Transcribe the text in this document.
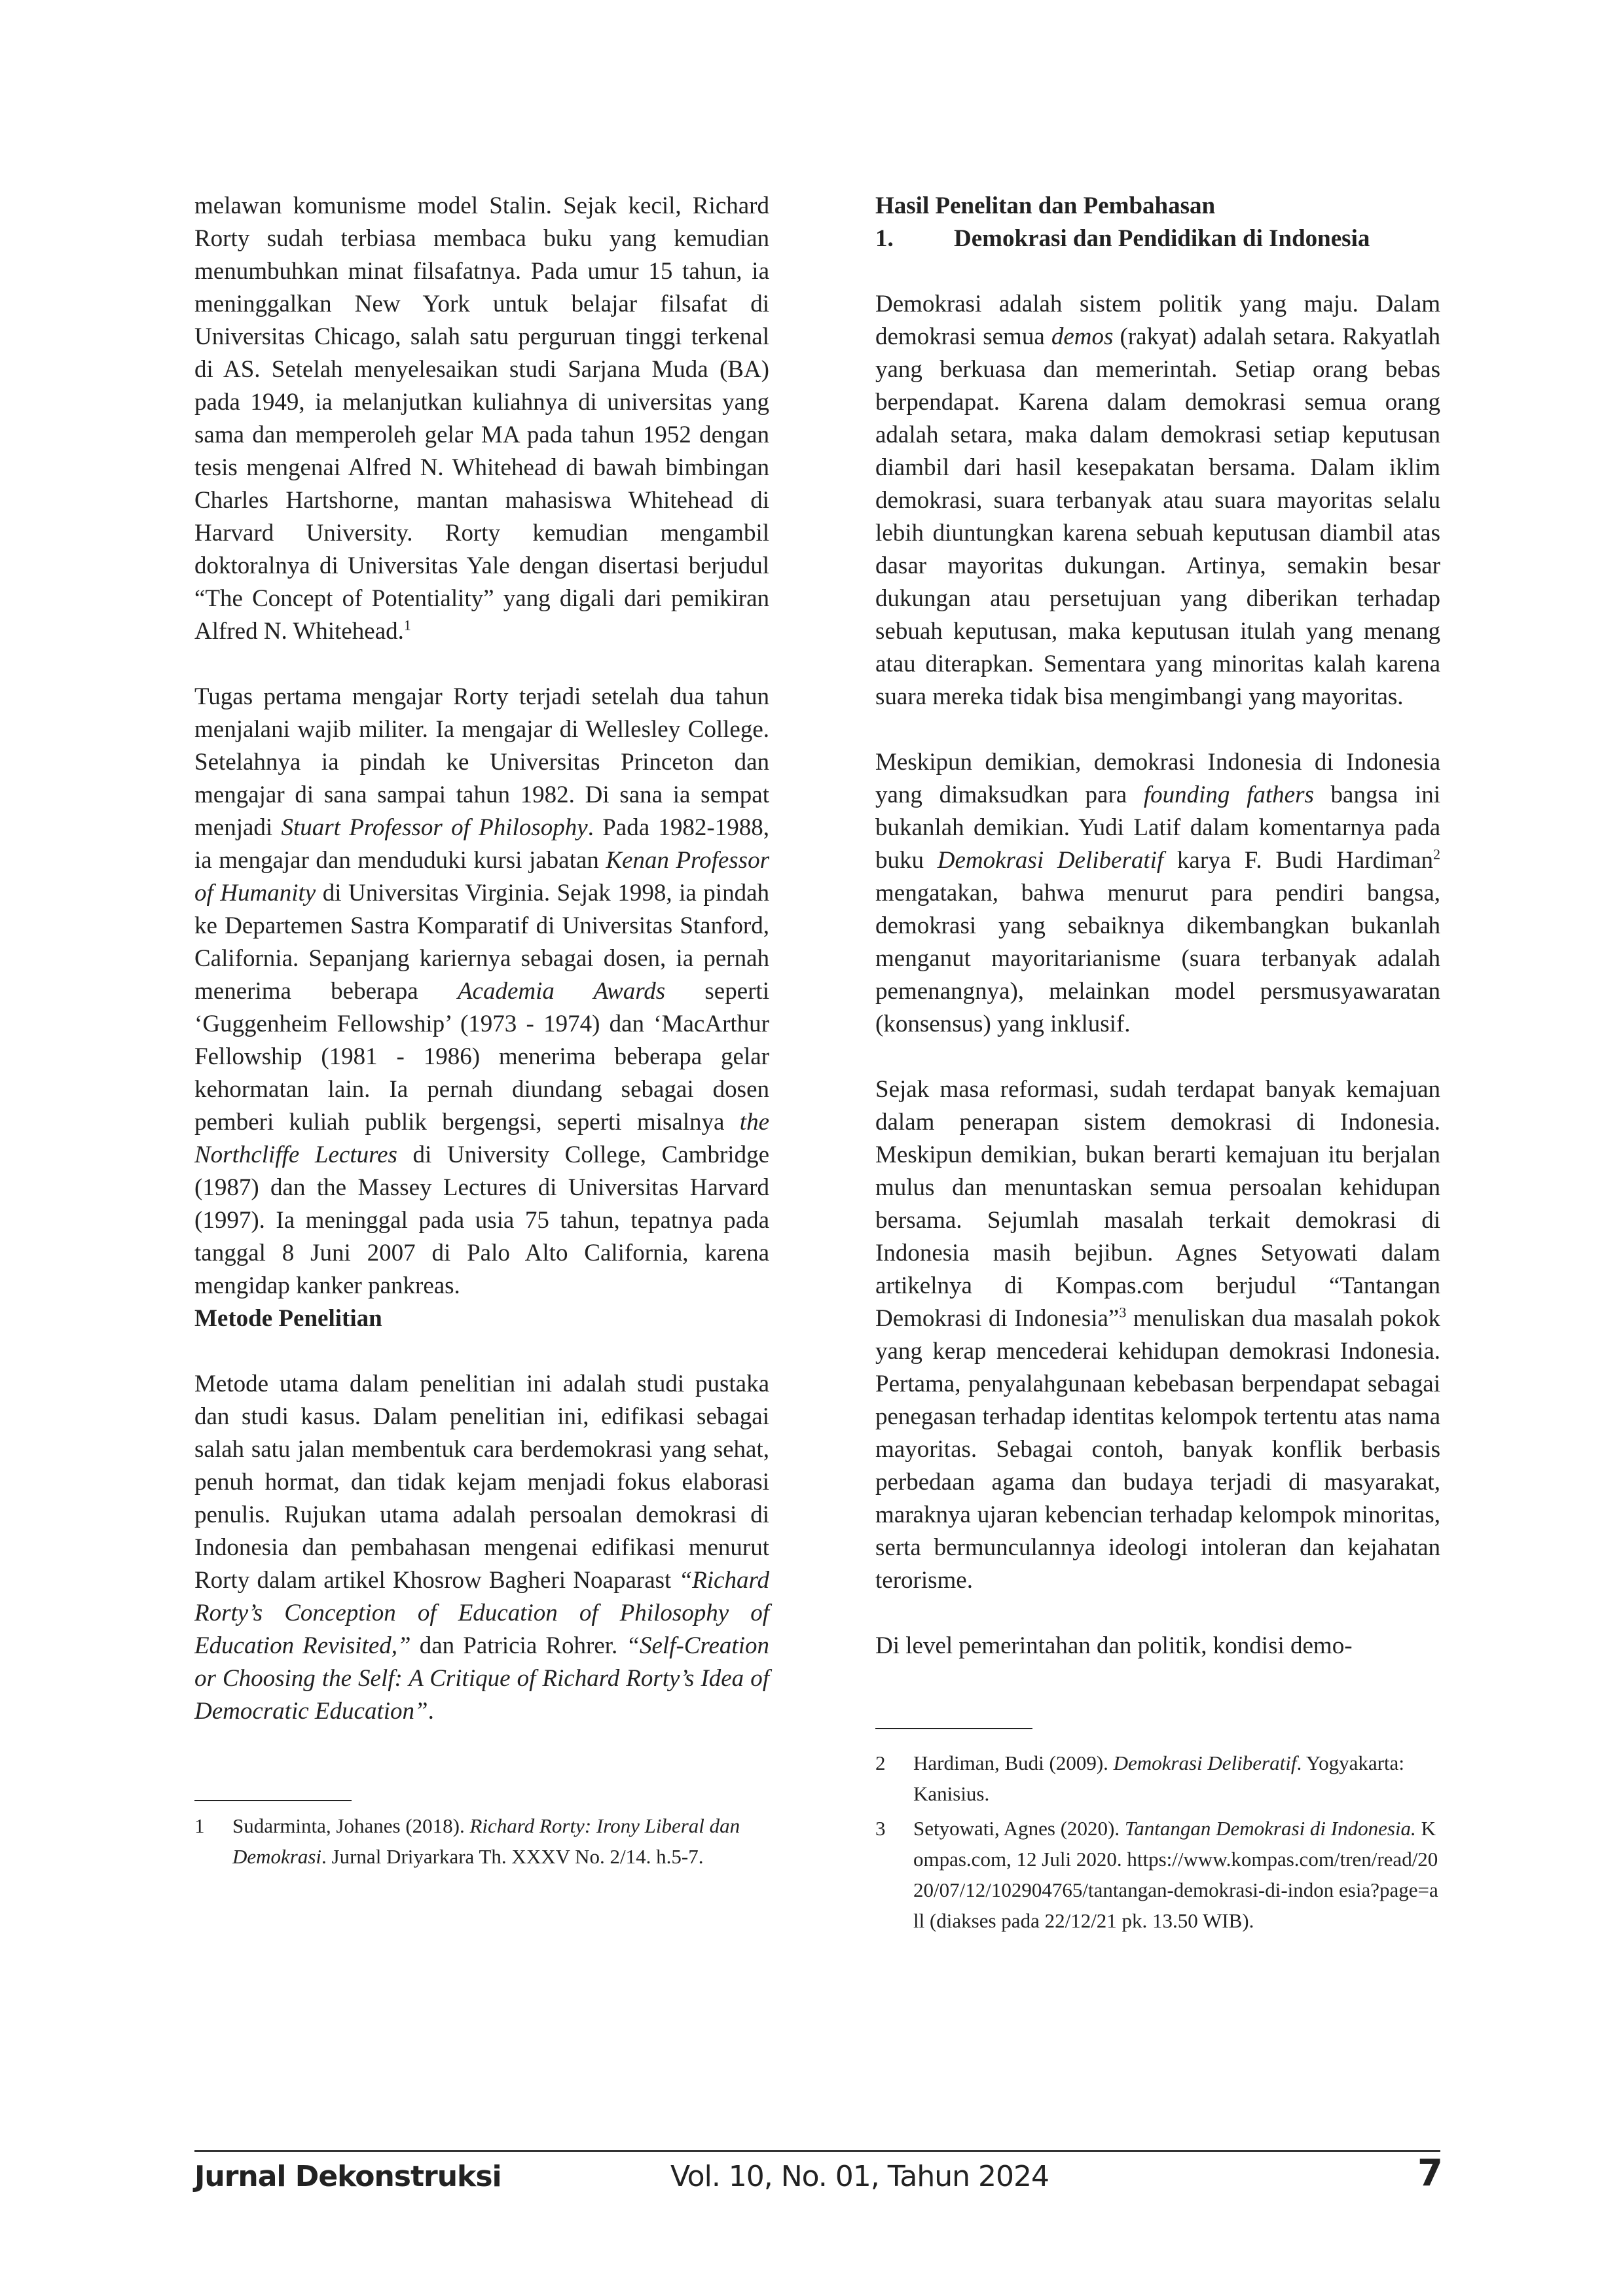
melawan komunisme model Stalin. Sejak kecil, Richard Rorty sudah terbiasa membaca buku yang kemudian menumbuhkan minat filsafatnya. Pada umur 15 tahun, ia meninggalkan New York untuk belajar filsafat di Universitas Chicago, salah satu perguruan tinggi terkenal di AS. Setelah menyelesaikan studi Sarjana Muda (BA) pada 1949, ia melanjutkan kuliahnya di universitas yang sama dan memperoleh gelar MA pada tahun 1952 dengan tesis mengenai Alfred N. Whitehead di bawah bimbingan Charles Hartshorne, mantan mahasiswa Whitehead di Harvard University. Rorty kemudian mengambil doktoralnya di Universitas Yale dengan disertasi berjudul “The Concept of Potentiality” yang digali dari pemikiran Alfred N. Whitehead.$^1$

Tugas pertama mengajar Rorty terjadi setelah dua tahun menjalani wajib militer. Ia mengajar di Wellesley College. Setelahnya ia pindah ke Universitas Princeton dan mengajar di sana sampai tahun 1982. Di sana ia sempat menjadi Stuart Professor of Philosophy. Pada 1982-1988, ia mengajar dan menduduki kursi jabatan Kenan Professor of Humanity di Universitas Virginia. Sejak 1998, ia pindah ke Departemen Sastra Komparatif di Universitas Stanford, California. Sepanjang kariernya sebagai dosen, ia pernah menerima beberapa Academia Awards seperti ‘Guggenheim Fellowship’ (1973 - 1974) dan ‘MacArthur Fellowship (1981 - 1986) menerima beberapa gelar kehormatan lain. Ia pernah diundang sebagai dosen pemberi kuliah publik bergengsi, seperti misalnya the Northcliffe Lectures di University College, Cambridge (1987) dan the Massey Lectures di Universitas Harvard (1997). Ia meninggal pada usia 75 tahun, tepatnya pada tanggal 8 Juni 2007 di Palo Alto California, karena mengidap kanker pankreas.

Metode Penelitian

Metode utama dalam penelitian ini adalah studi pustaka dan studi kasus. Dalam penelitian ini, edifikasi sebagai salah satu jalan membentuk cara berdemokrasi yang sehat, penuh hormat, dan tidak kejam menjadi fokus elaborasi penulis. Rujukan utama adalah persoalan demokrasi di Indonesia dan pembahasan mengenai edifikasi menurut Rorty dalam artikel Khosrow Bagheri Noaparast “Richard Rorty’s Conception of Education of Philosophy of Education Revisited,” dan Patricia Rohrer. “Self-Creation or Choosing the Self: A Critique of Richard Rorty’s Idea of Democratic Education”.

1	Sudarminta, Johanes (2018). Richard Rorty: Irony Liberal dan Demokrasi. Jurnal Driyarkara Th. XXXV No. 2/14. h.5-7.

Hasil Penelitan dan Pembahasan

1.	Demokrasi dan Pendidikan di Indonesia

Demokrasi adalah sistem politik yang maju. Dalam demokrasi semua demos (rakyat) adalah setara. Rakyatlah yang berkuasa dan memerintah. Setiap orang bebas berpendapat. Karena dalam demokrasi semua orang adalah setara, maka dalam demokrasi setiap keputusan diambil dari hasil kesepakatan bersama. Dalam iklim demokrasi, suara terbanyak atau suara mayoritas selalu lebih diuntungkan karena sebuah keputusan diambil atas dasar mayoritas dukungan. Artinya, semakin besar dukungan atau persetujuan yang diberikan terhadap sebuah keputusan, maka keputusan itulah yang menang atau diterapkan. Sementara yang minoritas kalah karena suara mereka tidak bisa mengimbangi yang mayoritas.

Meskipun demikian, demokrasi Indonesia di Indonesia yang dimaksudkan para founding fathers bangsa ini bukanlah demikian. Yudi Latif dalam komentarnya pada buku Demokrasi Deliberatif karya F. Budi Hardiman$^2$ mengatakan, bahwa menurut para pendiri bangsa, demokrasi yang sebaiknya dikembangkan bukanlah menganut mayoritarianisme (suara terbanyak adalah pemenangnya), melainkan model persmusyawaratan (konsensus) yang inklusif.

Sejak masa reformasi, sudah terdapat banyak kemajuan dalam penerapan sistem demokrasi di Indonesia. Meskipun demikian, bukan berarti kemajuan itu berjalan mulus dan menuntaskan semua persoalan kehidupan bersama. Sejumlah masalah terkait demokrasi di Indonesia masih bejibun. Agnes Setyowati dalam artikelnya di Kompas.com berjudul “Tantangan Demokrasi di Indonesia”$^3$ menuliskan dua masalah pokok yang kerap mencederai kehidupan demokrasi Indonesia. Pertama, penyalahgunaan kebebasan berpendapat sebagai penegasan terhadap identitas kelompok tertentu atas nama mayoritas. Sebagai contoh, banyak konflik berbasis perbedaan agama dan budaya terjadi di masyarakat, maraknya ujaran kebencian terhadap kelompok minoritas, serta bermunculannya ideologi intoleran dan kejahatan terorisme.

Di level pemerintahan dan politik, kondisi demo-

2	Hardiman, Budi (2009). Demokrasi Deliberatif. Yogyakarta: Kanisius.
3	Setyowati, Agnes (2020). Tantangan Demokrasi di Indonesia. Kompas.com, 12 Juli 2020. https://www.kompas.com/tren/read/2020/07/12/102904765/tantangan-demokrasi-di-indon esia?page=all (diakses pada 22/12/21 pk. 13.50 WIB).
Jurnal Dekonstruksi	Vol. 10, No. 01, Tahun 2024	7
